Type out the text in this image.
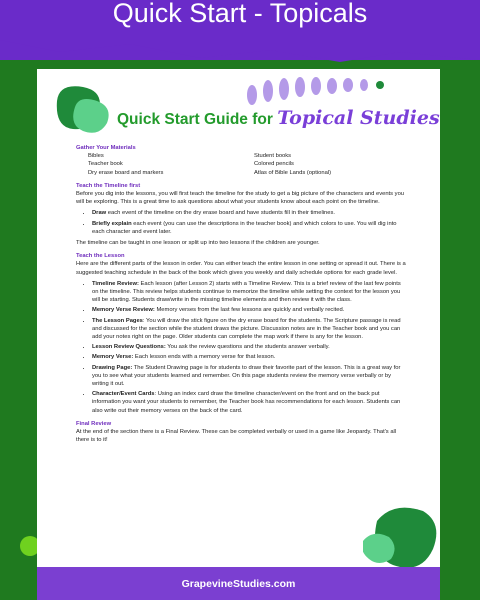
Quick Start - Topicals
Quick Start Guide for Topical Studies
Gather Your Materials
Bibles	Student books
Teacher book	Colored pencils
Dry erase board and markers	Atlas of Bible Lands (optional)
Teach the Timeline first

Before you dig into the lessons, you will first teach the timeline for the study to get a big picture of the characters and events you will be exploring. This is a great time to ask questions about what your students know about each point on the timeline.

• Draw each event of the timeline on the dry erase board and have students fill in their timelines.
• Briefly explain each event (you can use the descriptions in the teacher book) and which colors to use. You will dig into each character and event later.

The timeline can be taught in one lesson or split up into two lessons if the children are younger.

Teach the Lesson

Here are the different parts of the lesson in order. You can either teach the entire lesson in one setting or spread it out. There is a suggested teaching schedule in the back of the book which gives you weekly and daily schedule options for each grade level.

• Timeline Review: Each lesson (after Lesson 2) starts with a Timeline Review. This is a brief review of the last few points on the timeline. This review helps students continue to memorize the timeline while setting the context for the lesson you will be starting. Students draw/write in the missing timeline elements and then review it with the class.
• Memory Verse Review: Memory verses from the last few lessons are quickly and verbally recited.
• The Lesson Pages: You will draw the stick figure on the dry erase board for the students. The Scripture passage is read and discussed for the section while the student draws the picture. Discussion notes are in the Teacher book and you can add your notes right on the page. Older students can complete the map work if there is any for the lesson.
• Lesson Review Questions: You ask the review questions and the students answer verbally.
• Memory Verse: Each lesson ends with a memory verse for that lesson.
• Drawing Page: The Student Drawing page is for students to draw their favorite part of the lesson. This is a great way for you to see what your students learned and remember. On this page students review the memory verse verbally or by writing it out.
• Character/Event Cards: Using an index card draw the timeline character/event on the front and on the back put information you want your students to remember, the Teacher book has recommendations for each lesson. Students can also write out their memory verses on the back of the card.
Final Review

At the end of the section there is a Final Review. These can be completed verbally or used in a game like Jeopardy. That's all there is to it!

GrapevineStudies.com
